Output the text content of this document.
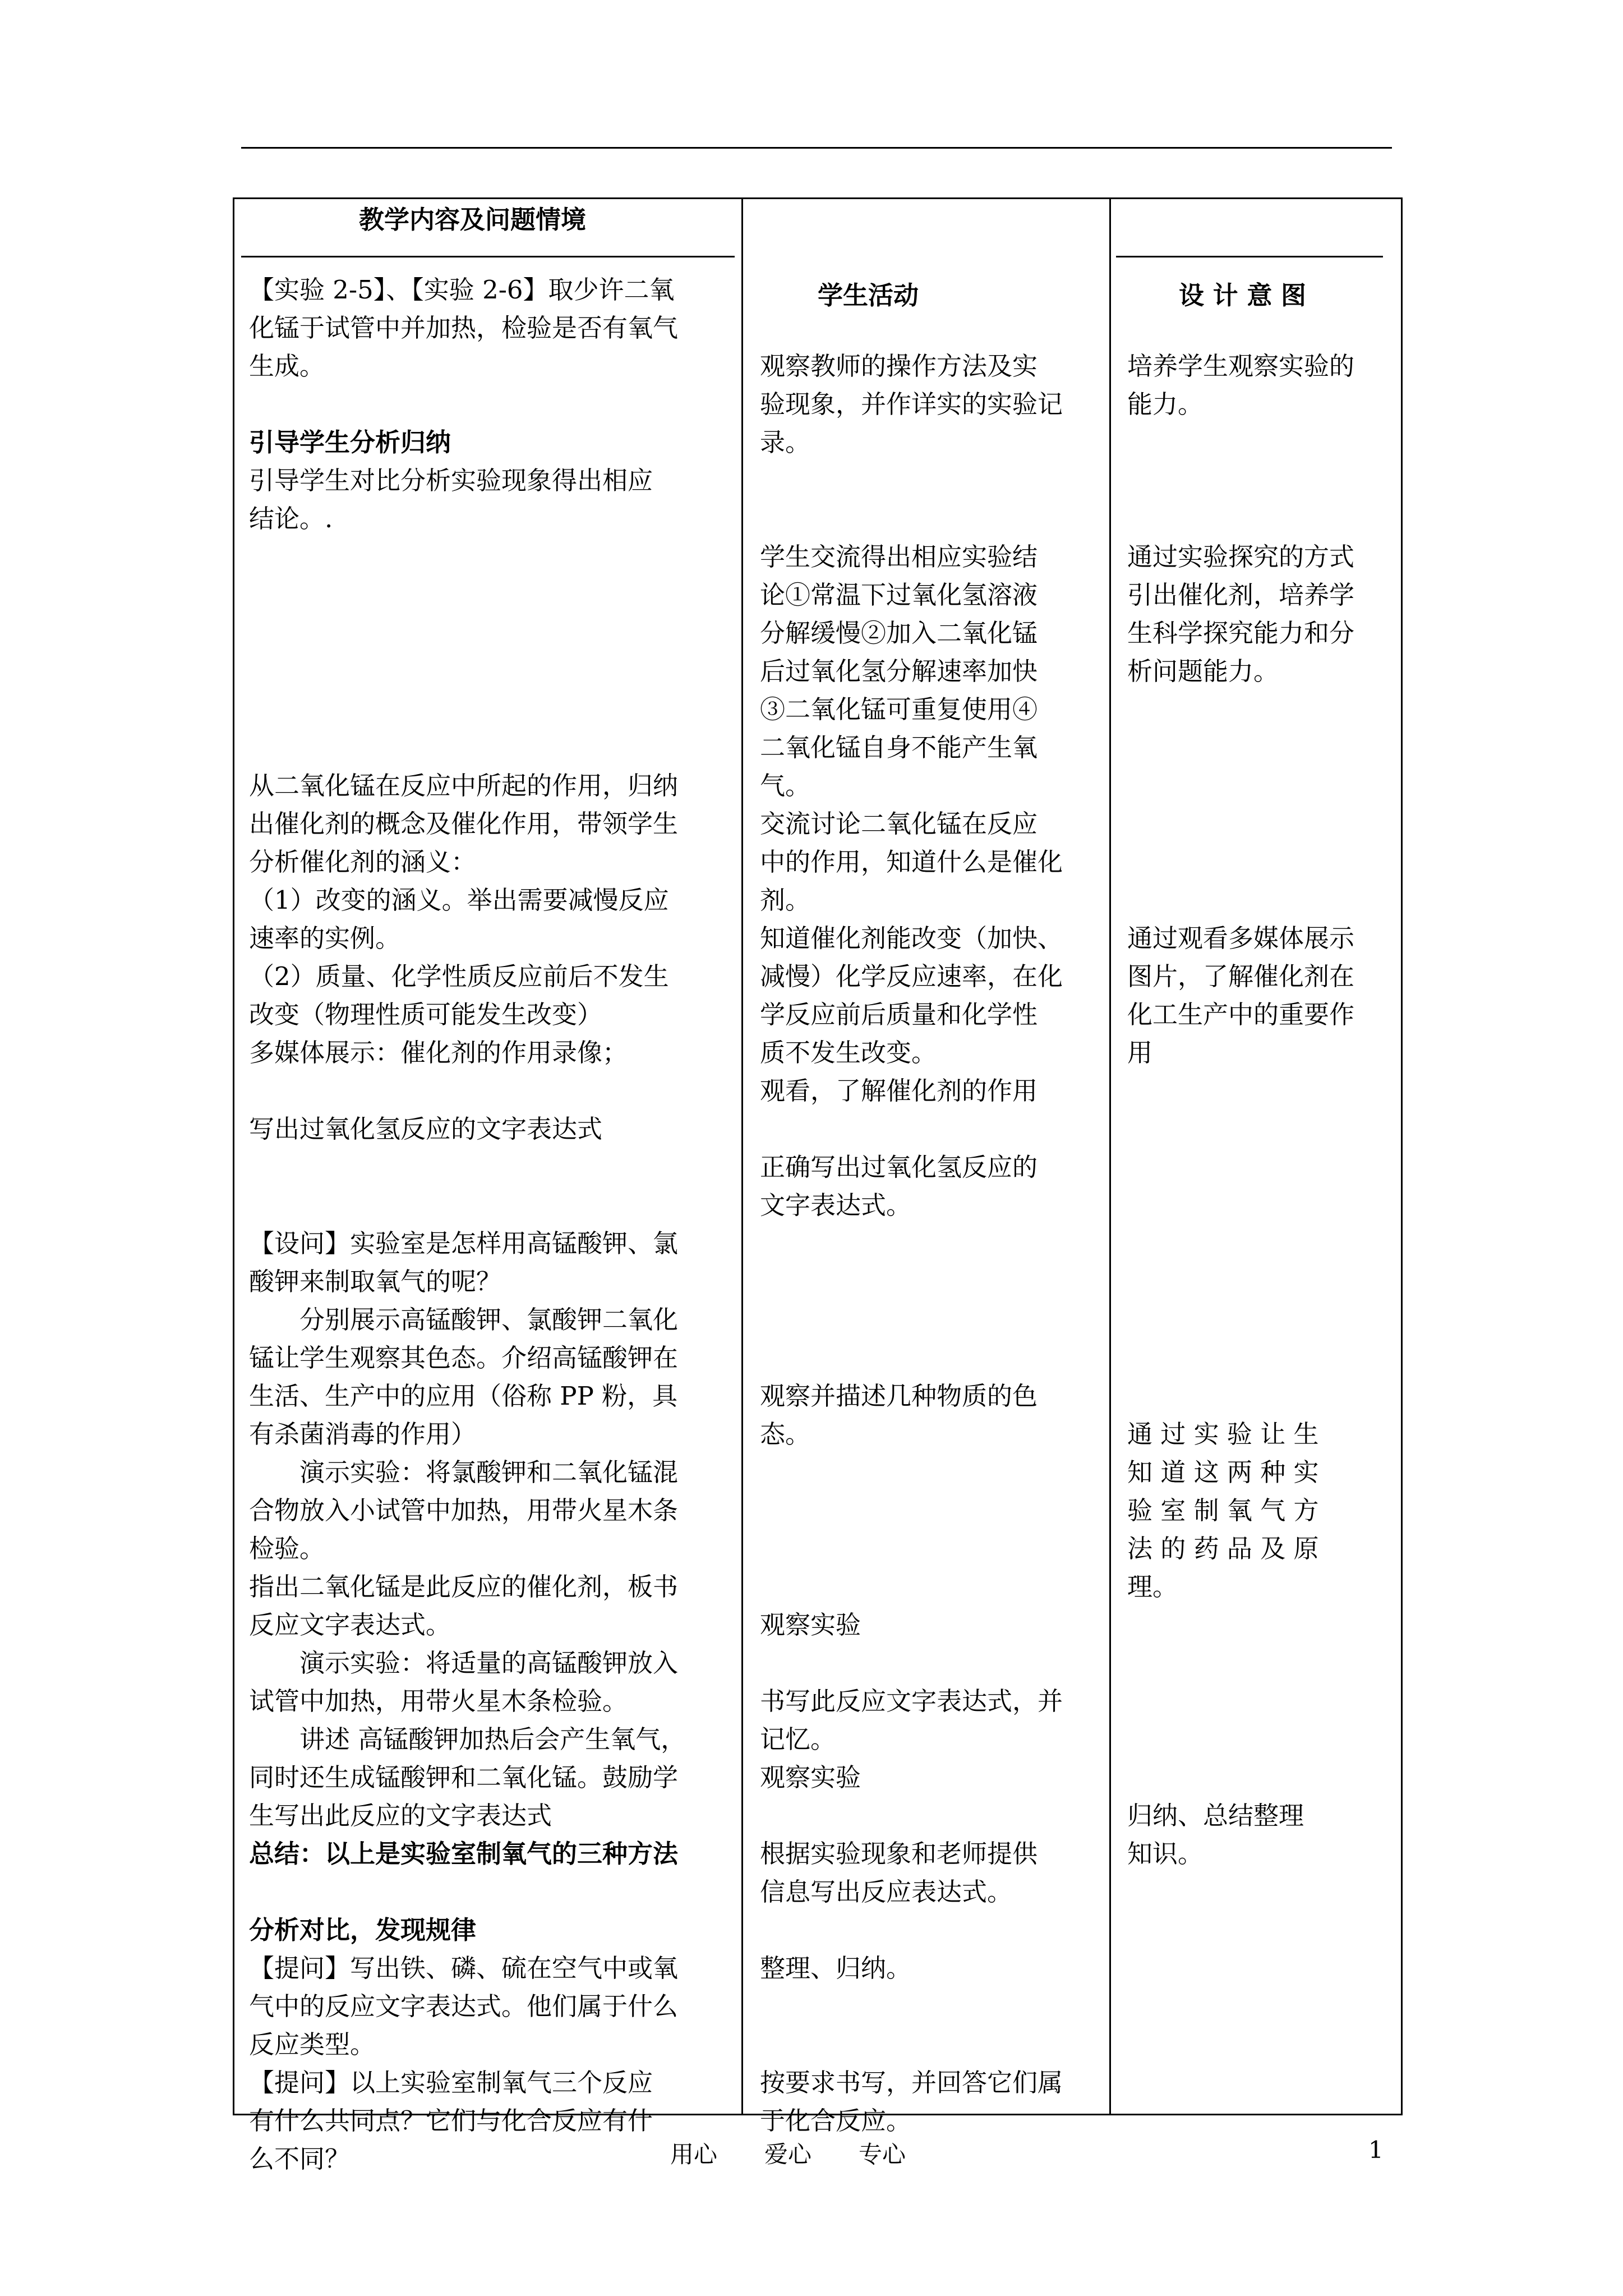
教学内容及问题情境
学生活动	设 计 意 图

【实验 2-5】、【实验 2-6】取少许二氧

化锰于试管中并加热，检验是否有氧气

生成。

引导学生分析归纳

引导学生对比分析实验现象得出相应

结论。.

从二氧化锰在反应中所起的作用，归纳

出催化剂的概念及催化作用，带领学生

分析催化剂的涵义：

（1）改变的涵义。举出需要减慢反应

速率的实例。

（2）质量、化学性质反应前后不发生

改变（物理性质可能发生改变）

多媒体展示：催化剂的作用录像；

写出过氧化氢反应的文字表达式

【设问】实验室是怎样用高锰酸钾、氯

酸钾来制取氧气的呢？

　　分别展示高锰酸钾、氯酸钾二氧化

锰让学生观察其色态。介绍高锰酸钾在

生活、生产中的应用（俗称 PP 粉，具

有杀菌消毒的作用）

　　演示实验：将氯酸钾和二氧化锰混

合物放入小试管中加热，用带火星木条

检验。

指出二氧化锰是此反应的催化剂，板书

反应文字表达式。

　　演示实验：将适量的高锰酸钾放入

试管中加热，用带火星木条检验。

　　讲述 高锰酸钾加热后会产生氧气，

同时还生成锰酸钾和二氧化锰。鼓励学

生写出此反应的文字表达式

总结：以上是实验室制氧气的三种方法

分析对比，发现规律

【提问】写出铁、磷、硫在空气中或氧

气中的反应文字表达式。他们属于什么

反应类型。

【提问】以上实验室制氧气三个反应

有什么共同点？它们与化合反应有什

么不同？

观察教师的操作方法及实

验现象，并作详实的实验记

录。

学生交流得出相应实验结

论①常温下过氧化氢溶液

分解缓慢②加入二氧化锰

后过氧化氢分解速率加快

③二氧化锰可重复使用④

二氧化锰自身不能产生氧

气。

交流讨论二氧化锰在反应

中的作用，知道什么是催化

剂。

知道催化剂能改变（加快、

减慢）化学反应速率，在化

学反应前后质量和化学性

质不发生改变。

观看，了解催化剂的作用

正确写出过氧化氢反应的

文字表达式。

观察并描述几种物质的色

态。

观察实验

书写此反应文字表达式，并

记忆。

观察实验

根据实验现象和老师提供

信息写出反应表达式。

整理、归纳。

按要求书写，并回答它们属

于化合反应。

培养学生观察实验的

能力。

通过实验探究的方式

引出催化剂，培养学

生科学探究能力和分

析问题能力。

通过观看多媒体展示

图片，了解催化剂在

化工生产中的重要作

用

通 过 实 验 让 生

知 道 这 两 种 实

验 室 制 氧 气 方

法 的 药 品 及 原

理。

归纳、总结整理

知识。

用心　　爱心　　专心	1
